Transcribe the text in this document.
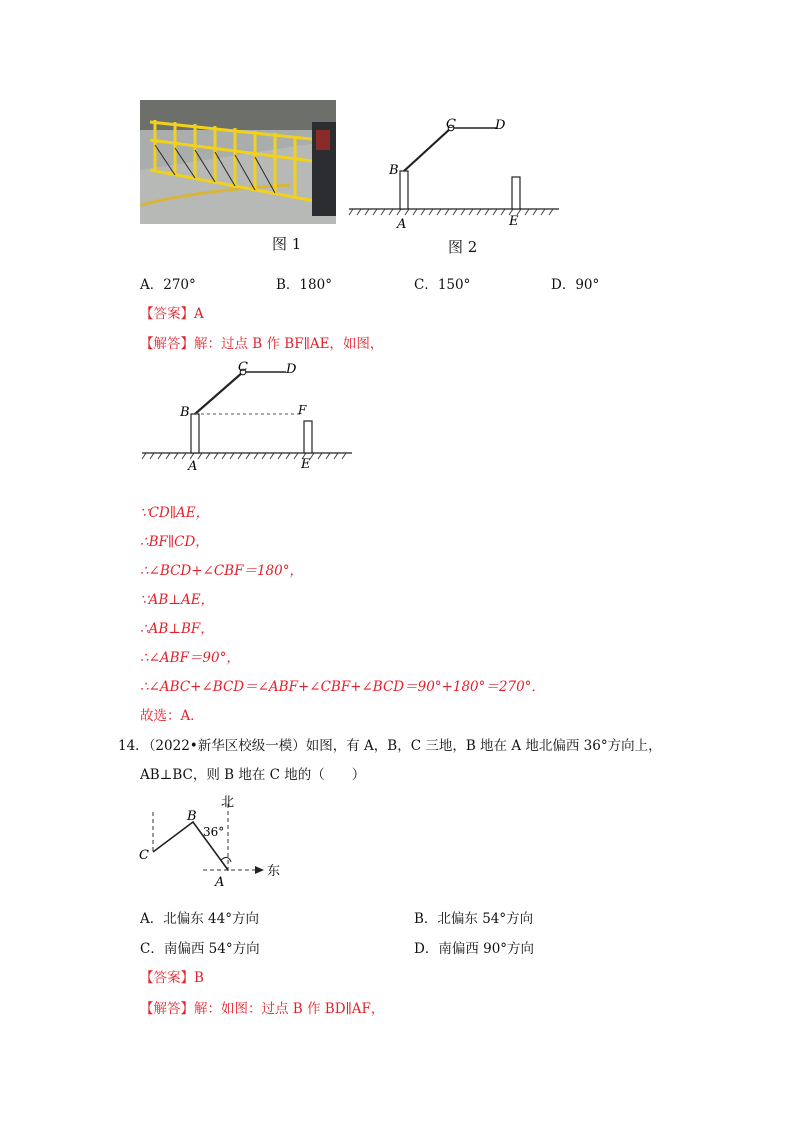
图 1
B
C	D
A	E
图 2
A．270°	B．180°	C．150°	D．90°
【答案】A
【解答】解：过点 B 作 BF∥AE，如图，
B
C	D
F
A	E
∵CD∥AE，
∴BF∥CD，
∴∠BCD+∠CBF＝180°，
∵AB⊥AE，
∴AB⊥BF，
∴∠ABF＝90°，
∴∠ABC+∠BCD＝∠ABF+∠CBF+∠BCD＝90°+180°＝270°．
故选：A．
14．（2022•新华区校级一模）如图，有 A，B，C 三地，B 地在 A 地北偏西 36°方向上，
AB⊥BC，则 B 地在 C 地的（　　）
北
东
36°
B
C
A
A．北偏东 44°方向	B．北偏东 54°方向
C．南偏西 54°方向	D．南偏西 90°方向
【答案】B
【解答】解：如图：过点 B 作 BD∥AF，
